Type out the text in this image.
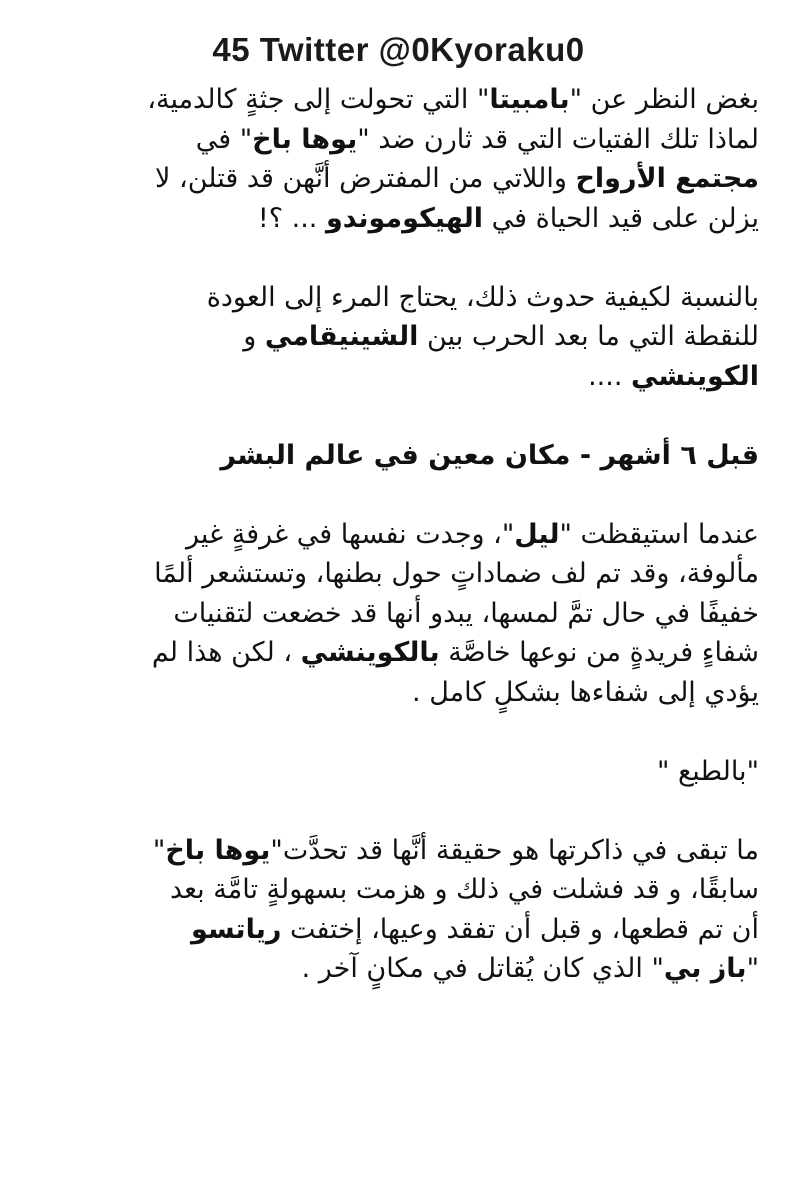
45 Twitter @0Kyoraku0

بغض النظر عن "بامبيتا" التي تحولت إلى جثةٍ كالدمية،
لماذا تلك الفتيات التي قد ثارن ضد "يوها باخ" في
مجتمع الأرواح واللاتي من المفترض أنَّهن قد قتلن، لا
يزلن على قيد الحياة في الهيكوموندو ... ؟!

بالنسبة لكيفية حدوث ذلك، يحتاج المرء إلى العودة
للنقطة التي ما بعد الحرب بين الشينيقامي و
الكوينشي ....

قبل ٦ أشهر - مكان معين في عالم البشر

عندما استيقظت "ليل"، وجدت نفسها في غرفةٍ غير
مألوفة، وقد تم لف ضماداتٍ حول بطنها، وتستشعر ألمًا
خفيفًا في حال تمَّ لمسها، يبدو أنها قد خضعت لتقنيات
شفاءٍ فريدةٍ من نوعها خاصَّة بالكوينشي ، لكن هذا لم
يؤدي إلى شفاءها بشكلٍ كامل .

"بالطبع "

ما تبقى في ذاكرتها هو حقيقة أنَّها قد تحدَّت"يوها باخ"
سابقًا، و قد فشلت في ذلك و هزمت بسهولةٍ تامَّة بعد
أن تم قطعها، و قبل أن تفقد وعيها، إختفت رياتسو
"باز بي" الذي كان يُقاتل في مكانٍ آخر .
